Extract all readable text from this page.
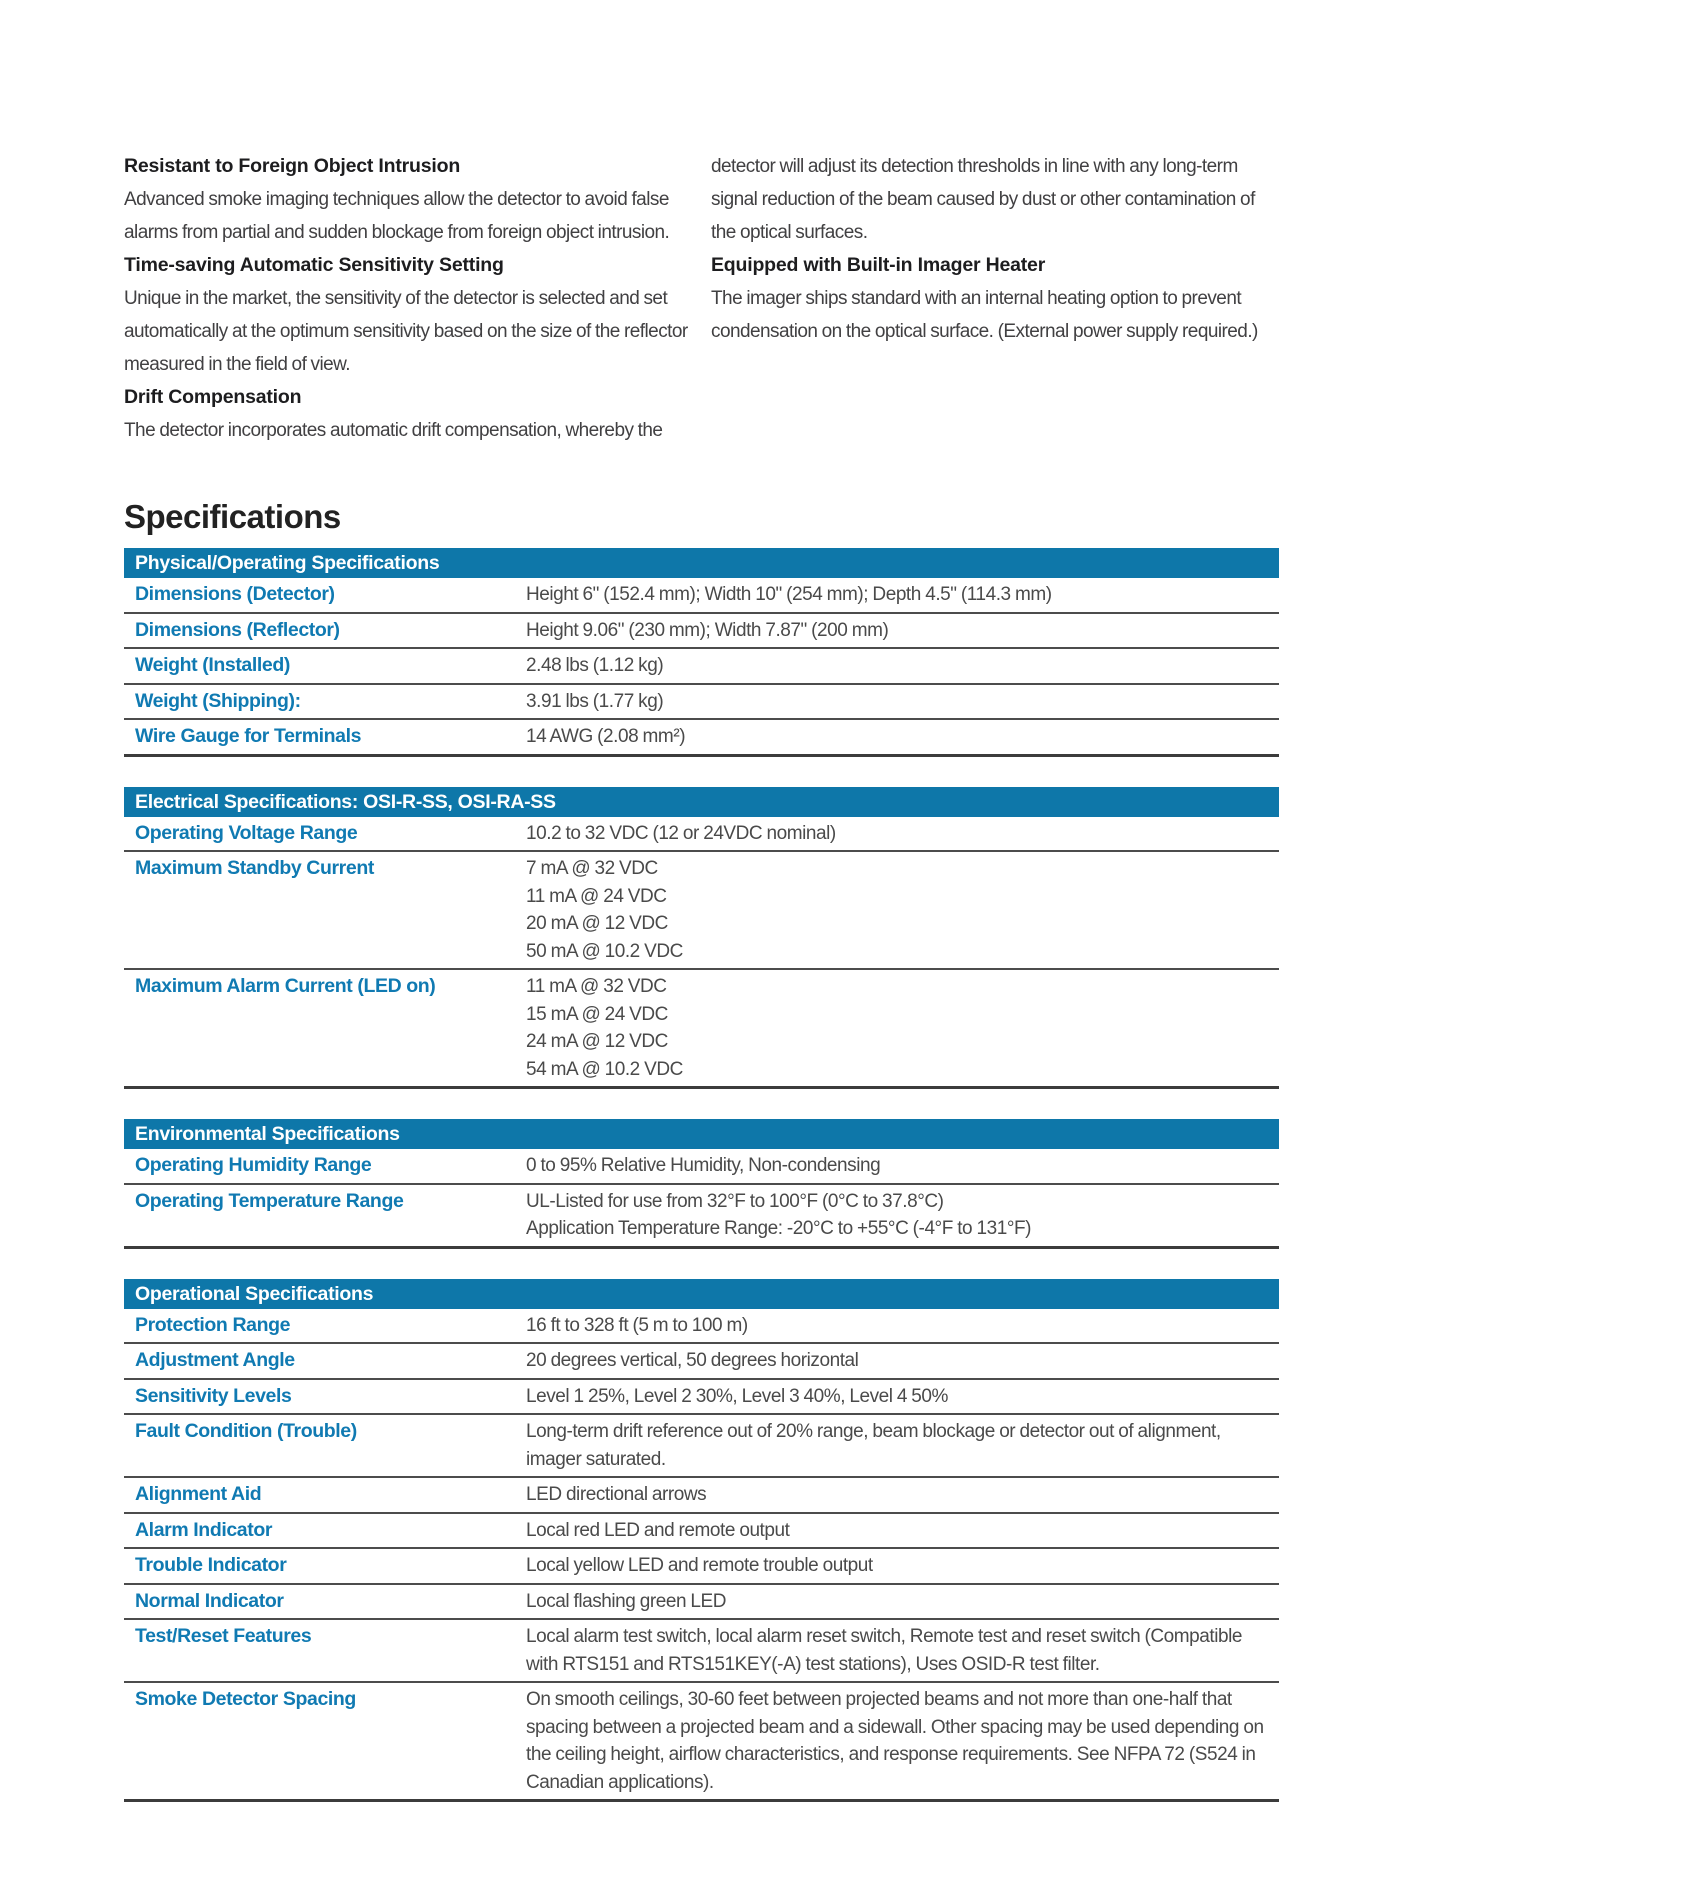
Resistant to Foreign Object Intrusion

Advanced smoke imaging techniques allow the detector to avoid false alarms from partial and sudden blockage from foreign object intrusion.

Time-saving Automatic Sensitivity Setting

Unique in the market, the sensitivity of the detector is selected and set automatically at the optimum sensitivity based on the size of the reflector measured in the field of view.

Drift Compensation

The detector incorporates automatic drift compensation, whereby the

detector will adjust its detection thresholds in line with any long-term signal reduction of the beam caused by dust or other contamination of the optical surfaces.

Equipped with Built-in Imager Heater

The imager ships standard with an internal heating option to prevent condensation on the optical surface. (External power supply required.)

Specifications
Physical/Operating Specifications
Dimensions (Detector)	Height 6" (152.4 mm); Width 10" (254 mm); Depth 4.5" (114.3 mm)
Dimensions (Reflector)	Height 9.06" (230 mm); Width 7.87" (200 mm)
Weight (Installed)	2.48 lbs (1.12 kg)
Weight (Shipping):	3.91 lbs (1.77 kg)
Wire Gauge for Terminals	14 AWG (2.08 mm²)
Electrical Specifications: OSI-R-SS, OSI-RA-SS
Operating Voltage Range	10.2 to 32 VDC (12 or 24VDC nominal)
Maximum Standby Current	7 mA @ 32 VDC
11 mA @ 24 VDC
20 mA @ 12 VDC
50 mA @ 10.2 VDC
Maximum Alarm Current (LED on)	11 mA @ 32 VDC
15 mA @ 24 VDC
24 mA @ 12 VDC
54 mA @ 10.2 VDC
Environmental Specifications
Operating Humidity Range	0 to 95% Relative Humidity, Non-condensing
Operating Temperature Range	UL-Listed for use from 32°F to 100°F (0°C to 37.8°C)
Application Temperature Range: -20°C to +55°C (-4°F to 131°F)
Operational Specifications
Protection Range	16 ft to 328 ft (5 m to 100 m)
Adjustment Angle	20 degrees vertical, 50 degrees horizontal
Sensitivity Levels	Level 1 25%, Level 2 30%, Level 3 40%, Level 4 50%
Fault Condition (Trouble)	Long-term drift reference out of 20% range, beam blockage or detector out of alignment, imager saturated.
Alignment Aid	LED directional arrows
Alarm Indicator	Local red LED and remote output
Trouble Indicator	Local yellow LED and remote trouble output
Normal Indicator	Local flashing green LED
Test/Reset Features	Local alarm test switch, local alarm reset switch, Remote test and reset switch (Compatible with RTS151 and RTS151KEY(-A) test stations), Uses OSID-R test filter.
Smoke Detector Spacing	On smooth ceilings, 30-60 feet between projected beams and not more than one-half that spacing between a projected beam and a sidewall. Other spacing may be used depending on the ceiling height, airflow characteristics, and response requirements. See NFPA 72 (S524 in Canadian applications).
